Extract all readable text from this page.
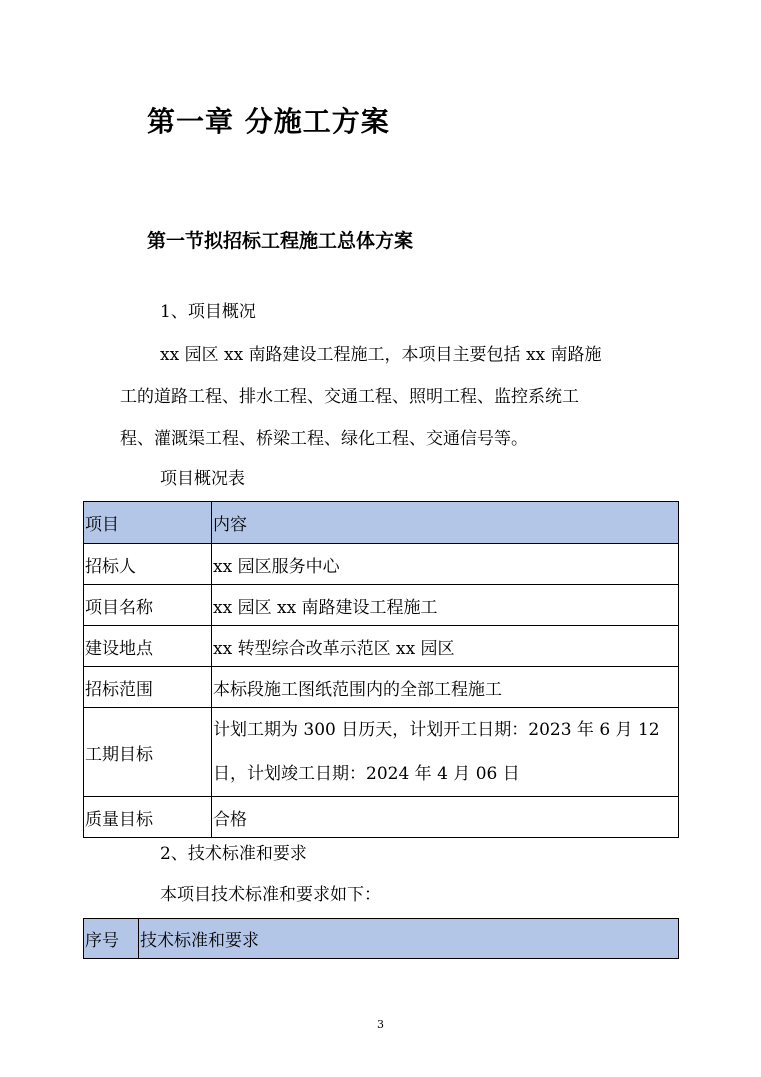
第一章 分施工方案
第一节拟招标工程施工总体方案
1、项目概况
xx 园区 xx 南路建设工程施工，本项目主要包括 xx 南路施
工的道路工程、排水工程、交通工程、照明工程、监控系统工
程、灌溉渠工程、桥梁工程、绿化工程、交通信号等。
项目概况表
项目	内容
招标人	xx 园区服务中心
项目名称	xx 园区 xx 南路建设工程施工
建设地点	xx 转型综合改革示范区 xx 园区
招标范围	本标段施工图纸范围内的全部工程施工
工期目标	计划工期为 300 日历天，计划开工日期：2023 年 6 月 12
日，计划竣工日期：2024 年 4 月 06 日

质量目标	合格
2、技术标准和要求
本项目技术标准和要求如下：
序号	技术标准和要求
3
